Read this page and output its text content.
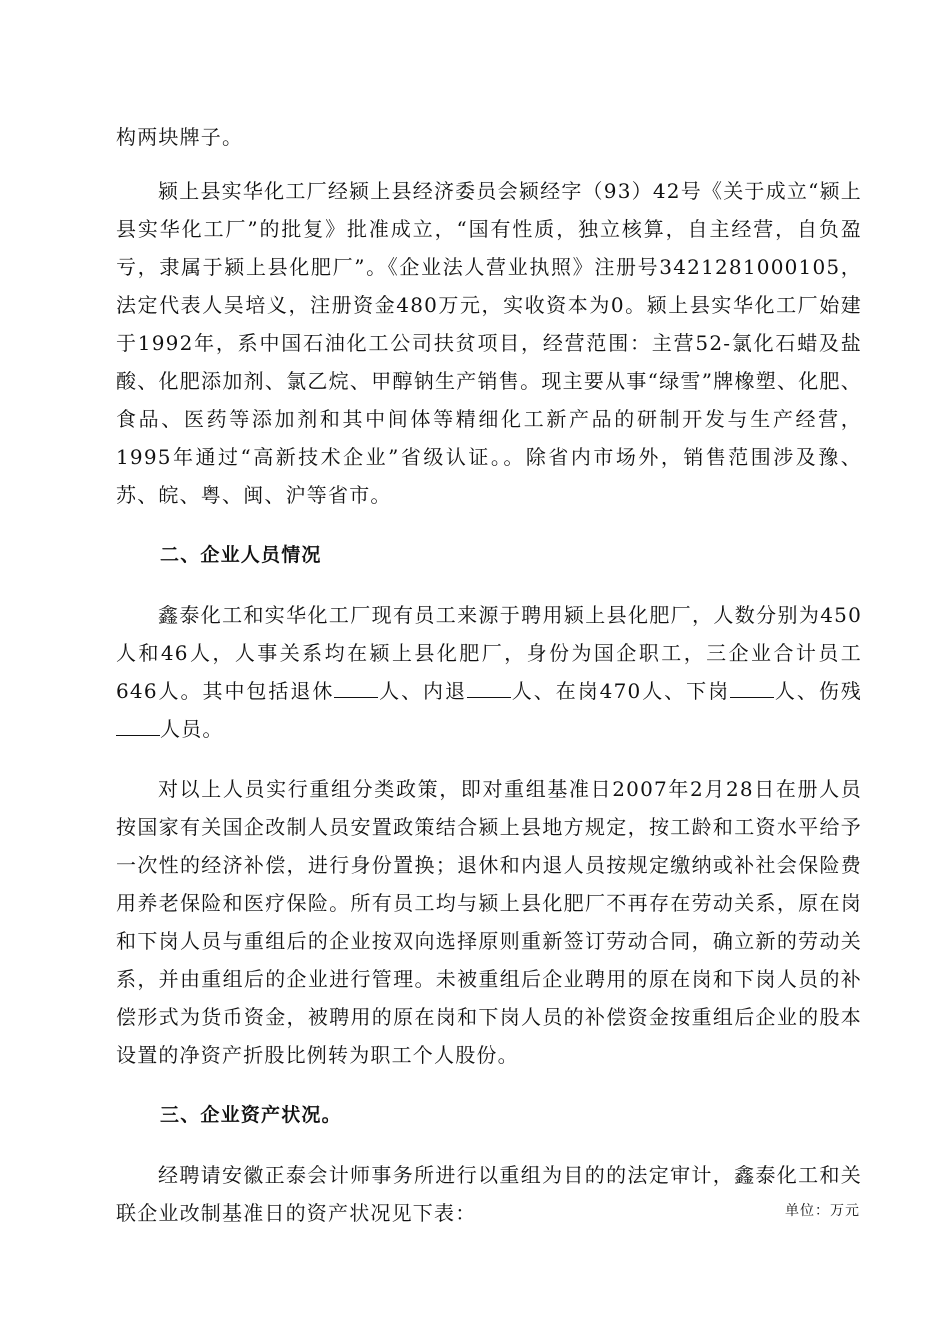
构两块牌子。

颍上县实华化工厂经颍上县经济委员会颍经字（93）42号《关于成立“颍上县实华化工厂”的批复》批准成立，“国有性质，独立核算，自主经营，自负盈亏，隶属于颍上县化肥厂”。《企业法人营业执照》注册号3421281000105，法定代表人吴培义，注册资金480万元，实收资本为0。颍上县实华化工厂始建于1992年，系中国石油化工公司扶贫项目，经营范围：主营52-氯化石蜡及盐酸、化肥添加剂、氯乙烷、甲醇钠生产销售。现主要从事“绿雪”牌橡塑、化肥、食品、医药等添加剂和其中间体等精细化工新产品的研制开发与生产经营，1995年通过“高新技术企业”省级认证。。除省内市场外，销售范围涉及豫、苏、皖、粤、闽、沪等省市。

二、企业人员情况

鑫泰化工和实华化工厂现有员工来源于聘用颍上县化肥厂，人数分别为450人和46人，人事关系均在颍上县化肥厂，身份为国企职工，三企业合计员工646人。其中包括退休 人、内退 人、在岗470人、下岗 人、伤残人员。

对以上人员实行重组分类政策，即对重组基准日2007年2月28日在册人员按国家有关国企改制人员安置政策结合颍上县地方规定，按工龄和工资水平给予一次性的经济补偿，进行身份置换；退休和内退人员按规定缴纳或补社会保险费用养老保险和医疗保险。所有员工均与颍上县化肥厂不再存在劳动关系，原在岗和下岗人员与重组后的企业按双向选择原则重新签订劳动合同，确立新的劳动关系，并由重组后的企业进行管理。未被重组后企业聘用的原在岗和下岗人员的补偿形式为货币资金，被聘用的原在岗和下岗人员的补偿资金按重组后企业的股本设置的净资产折股比例转为职工个人股份。

三、企业资产状况。

经聘请安徽正泰会计师事务所进行以重组为目的的法定审计，鑫泰化工和关联企业改制基准日的资产状况见下表：	单位：万元
